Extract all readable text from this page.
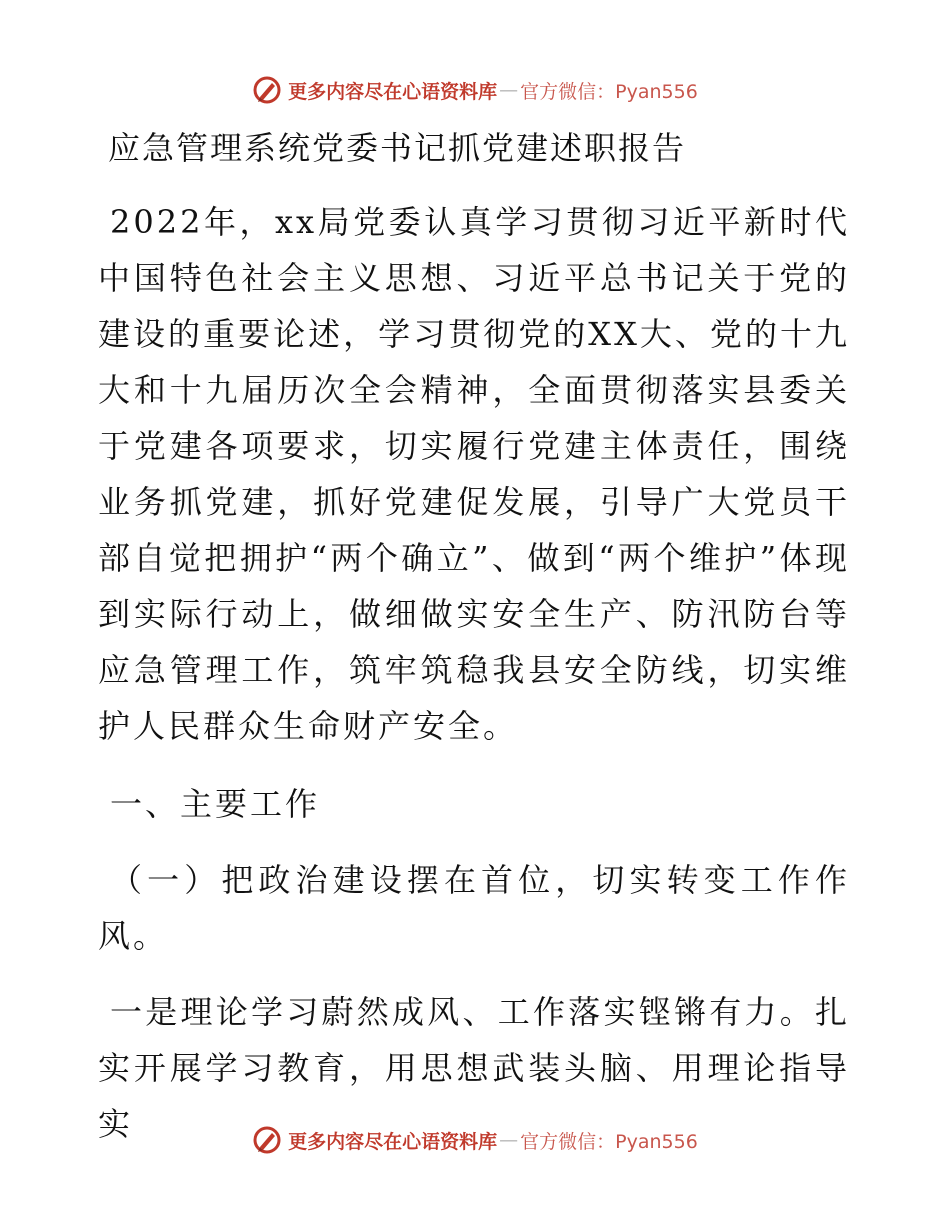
更多内容尽在心语资料库 — 官方微信：Pyan556
应急管理系统党委书记抓党建述职报告

2022年，xx局党委认真学习贯彻习近平新时代中国特色社会主义思想、习近平总书记关于党的建设的重要论述，学习贯彻党的XX大、党的十九大和十九届历次全会精神，全面贯彻落实县委关于党建各项要求，切实履行党建主体责任，围绕业务抓党建，抓好党建促发展，引导广大党员干部自觉把拥护“两个确立”、做到“两个维护”体现到实际行动上，做细做实安全生产、防汛防台等应急管理工作，筑牢筑稳我县安全防线，切实维护人民群众生命财产安全。

一、主要工作

（一）把政治建设摆在首位，切实转变工作作风。

一是理论学习蔚然成风、工作落实铿锵有力。扎实开展学习教育，用思想武装头脑、用理论指导实	更多内容尽在心语资料库 — 官方微信：Pyan556
